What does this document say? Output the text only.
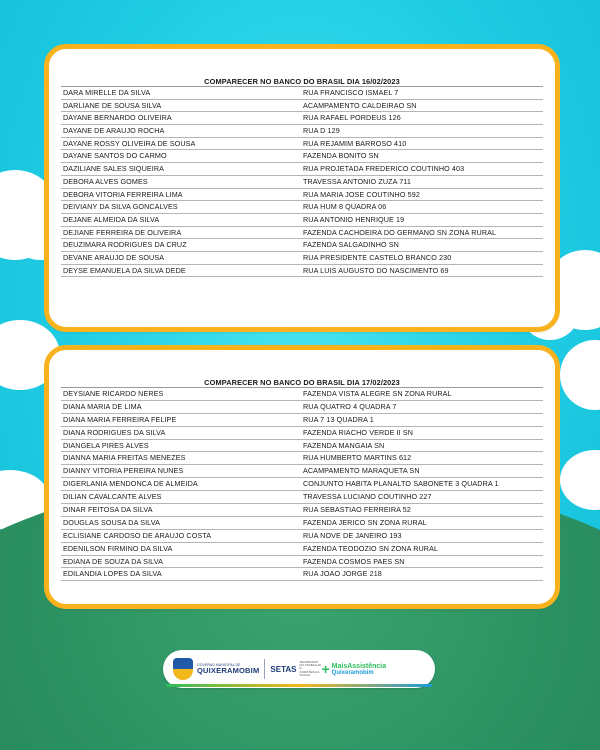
COMPARECER NO BANCO DO BRASIL DIA 16/02/2023
DARA MIRELLE DA SILVA	RUA FRANCISCO ISMAEL 7
DARLIANE DE SOUSA SILVA	ACAMPAMENTO CALDEIRAO SN
DAYANE BERNARDO OLIVEIRA	RUA RAFAEL PORDEUS 126
DAYANE DE ARAUJO ROCHA	RUA D 129
DAYANE ROSSY OLIVEIRA DE SOUSA	RUA REJAMIM BARROSO 410
DAYANE SANTOS DO CARMO	FAZENDA BONITO SN
DAZILIANE SALES SIQUEIRA	RUA PROJETADA FREDERICO COUTINHO 403
DEBORA ALVES GOMES	TRAVESSA ANTONIO ZUZA 711
DEBORA VITORIA FERREIRA LIMA	RUA MARIA JOSE COUTINHO 592
DEIVIANY DA SILVA GONCALVES	RUA HUM 8 QUADRA 06
DEJANE ALMEIDA DA SILVA	RUA ANTONIO HENRIQUE 19
DEJIANE FERREIRA DE OLIVEIRA	FAZENDA CACHOEIRA DO GERMANO SN ZONA RURAL
DEUZIMARA RODRIGUES DA CRUZ	FAZENDA SALGADINHO SN
DEVANE ARAUJO DE SOUSA	RUA PRESIDENTE CASTELO BRANCO 230
DEYSE EMANUELA DA SILVA DEDE	RUA LUIS AUGUSTO DO NASCIMENTO 69
COMPARECER NO BANCO DO BRASIL DIA 17/02/2023
DEYSIANE RICARDO NERES	FAZENDA VISTA ALEGRE SN ZONA RURAL
DIANA MARIA DE LIMA	RUA QUATRO 4 QUADRA 7
DIANA MARIA FERREIRA FELIPE	RUA 7 13 QUADRA 1
DIANA RODRIGUES DA SILVA	FAZENDA RIACHO VERDE II SN
DIANGELA PIRES ALVES	FAZENDA MANGAIA SN
DIANNA MARIA FREITAS MENEZES	RUA HUMBERTO MARTINS 612
DIANNY VITORIA PEREIRA NUNES	ACAMPAMENTO MARAQUETA SN
DIGERLANIA MENDONCA DE ALMEIDA	CONJUNTO HABITA PLANALTO SABONETE 3 QUADRA 1
DILIAN CAVALCANTE ALVES	TRAVESSA LUCIANO COUTINHO 227
DINAR FEITOSA DA SILVA	RUA SEBASTIAO FERREIRA 52
DOUGLAS SOUSA DA SILVA	FAZENDA JERICO SN ZONA RURAL
ECLISIANE CARDOSO DE ARAUJO COSTA	RUA NOVE DE JANEIRO 193
EDENILSON FIRMINO DA SILVA	FAZENDA TEODOZIO SN ZONA RURAL
EDIANA DE SOUZA DA SILVA	FAZENDA COSMOS PAES SN
EDILANDIA LOPES DA SILVA	RUA JOAO JORGE 218
GOVERNO MUNICIPAL DE
QUIXERAMOBIM SETAS
SECRETARIA DO TRABALHO E ASSISTÊNCIA SOCIAL + MaisAssistência
Quixeramobim
